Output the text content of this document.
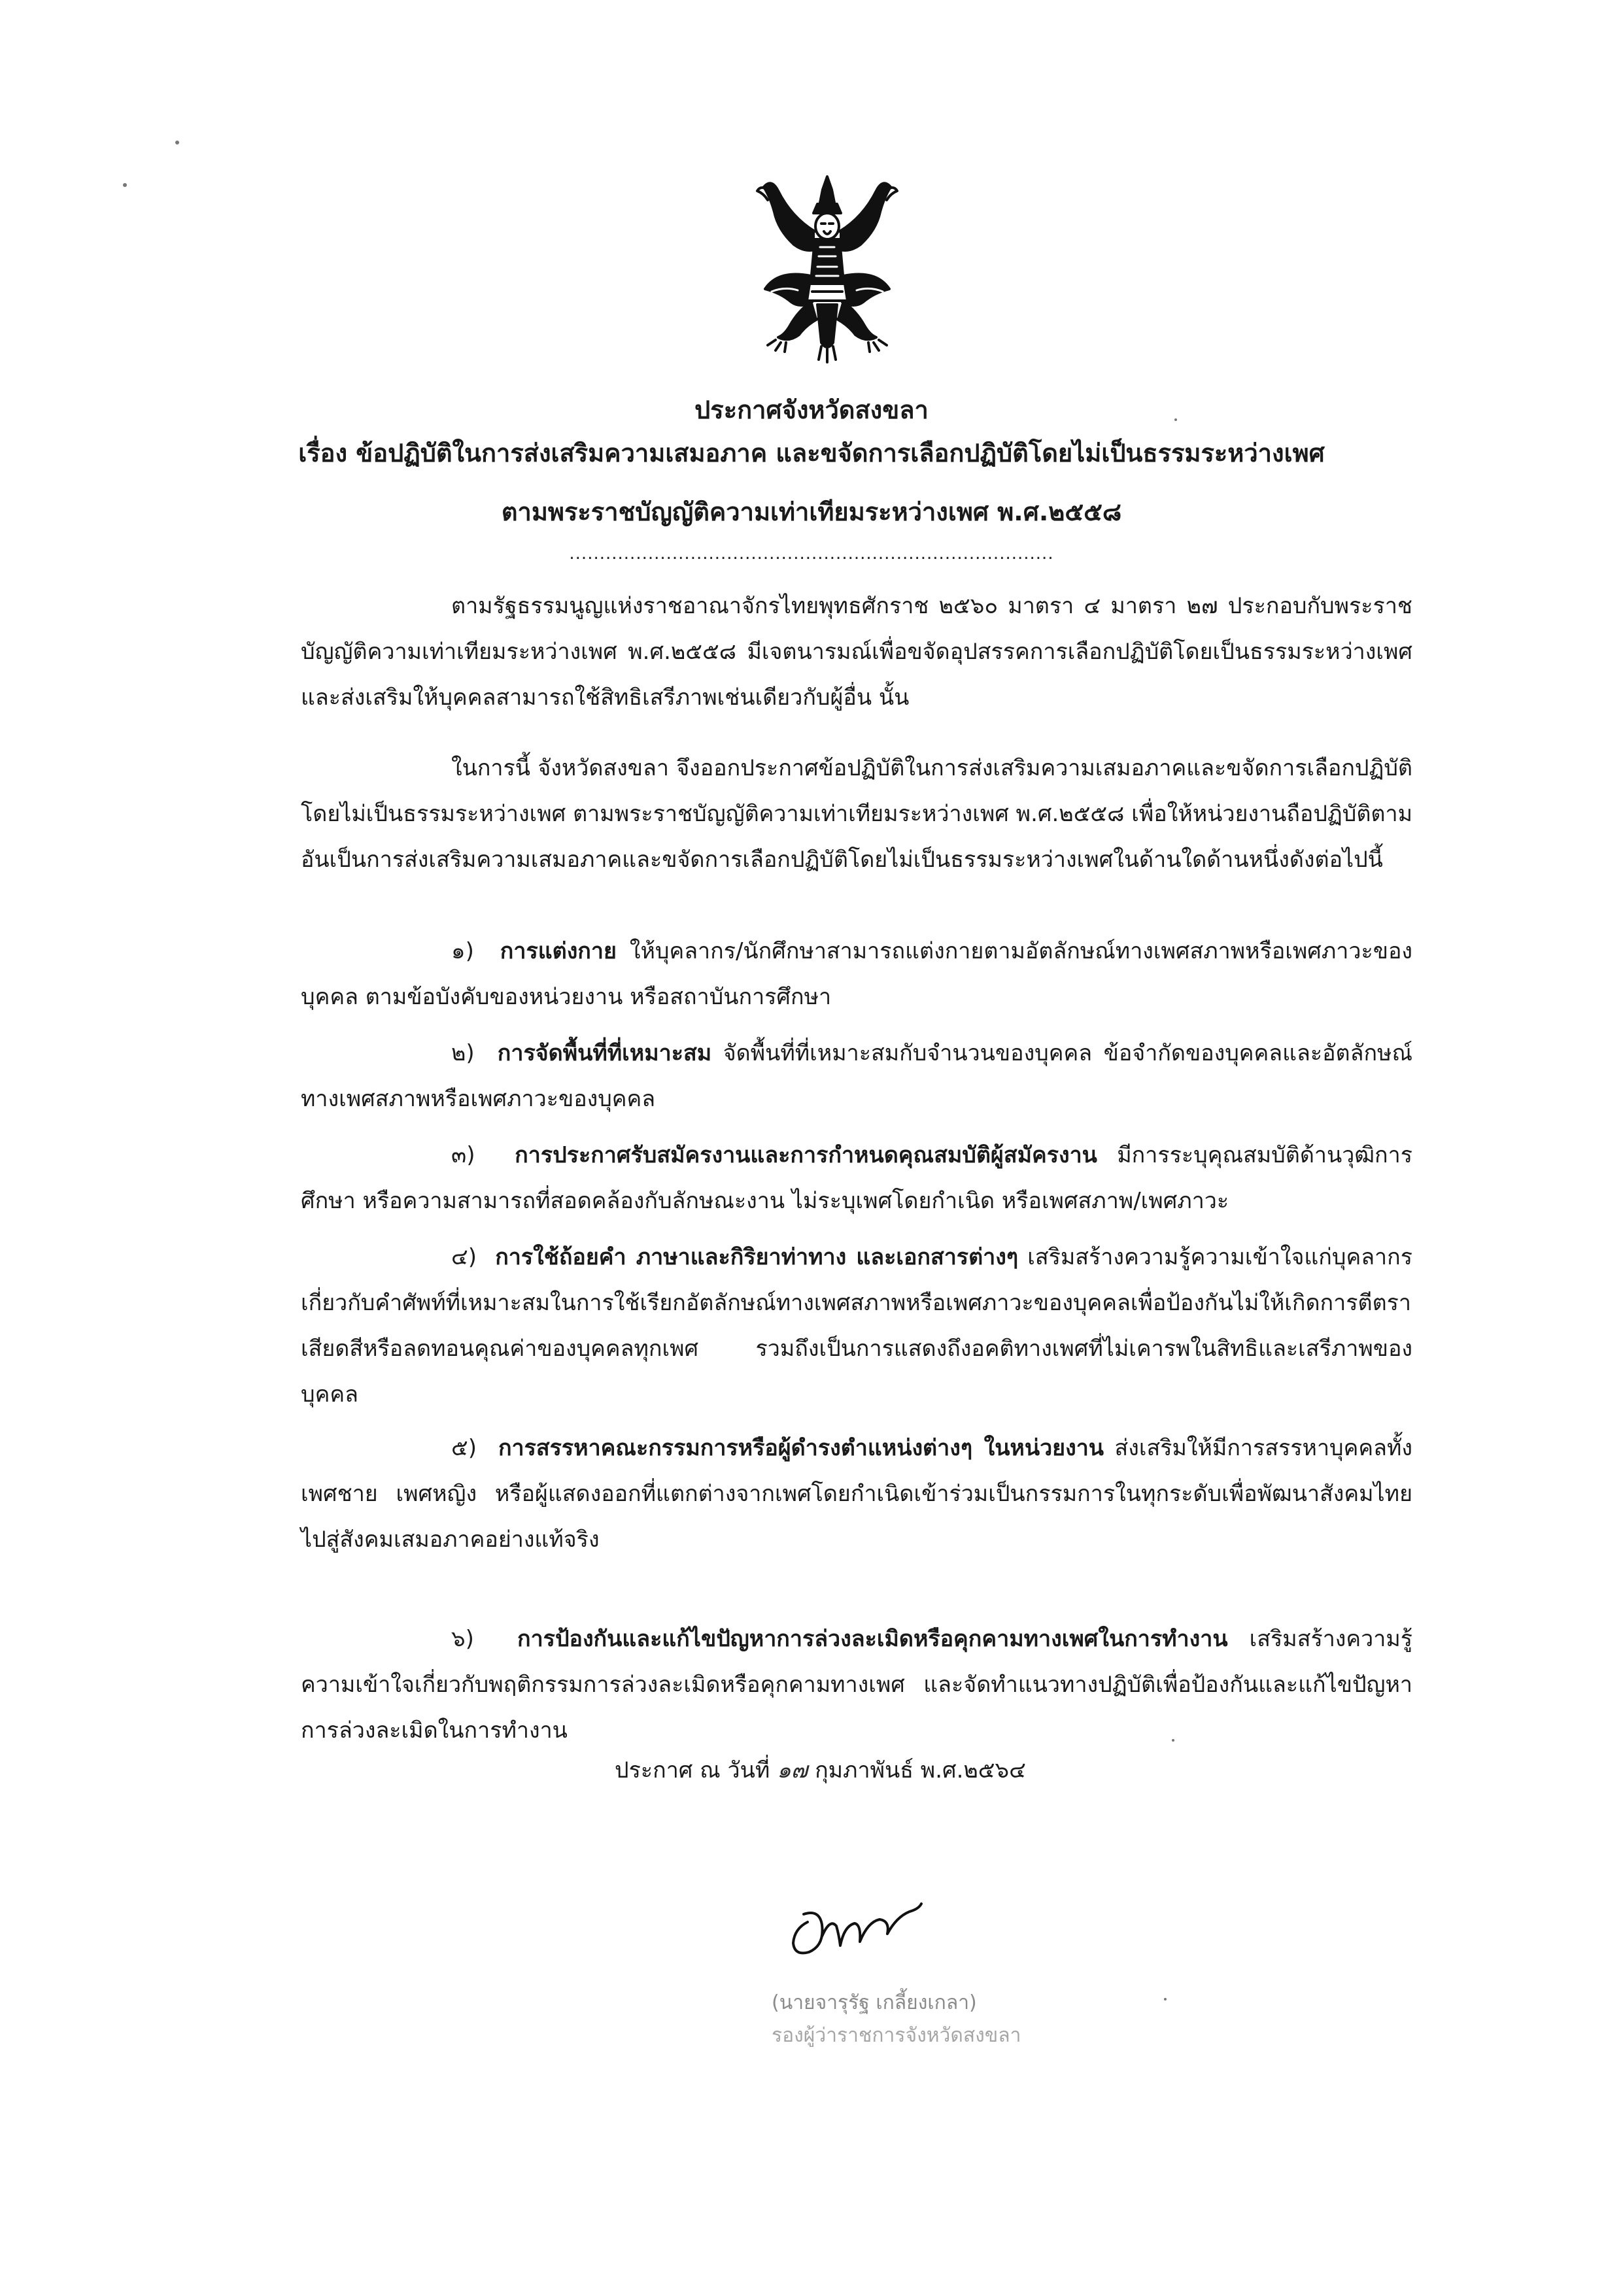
ประกาศจังหวัดสงขลา
เรื่อง ข้อปฏิบัติในการส่งเสริมความเสมอภาค และขจัดการเลือกปฏิบัติโดยไม่เป็นธรรมระหว่างเพศ
ตามพระราชบัญญัติความเท่าเทียมระหว่างเพศ พ.ศ.๒๕๕๘
................................................................................

ตามรัฐธรรมนูญแห่งราชอาณาจักรไทยพุทธศักราช ๒๕๖๐ มาตรา ๔ มาตรา ๒๗ ประกอบกับพระราชบัญญัติความเท่าเทียมระหว่างเพศ พ.ศ.๒๕๕๘ มีเจตนารมณ์เพื่อขจัดอุปสรรคการเลือกปฏิบัติโดยเป็นธรรมระหว่างเพศและส่งเสริมให้บุคคลสามารถใช้สิทธิเสรีภาพเช่นเดียวกับผู้อื่น นั้น

ในการนี้ จังหวัดสงขลา จึงออกประกาศข้อปฏิบัติในการส่งเสริมความเสมอภาคและขจัดการเลือกปฏิบัติโดยไม่เป็นธรรมระหว่างเพศ ตามพระราชบัญญัติความเท่าเทียมระหว่างเพศ พ.ศ.๒๕๕๘ เพื่อให้หน่วยงานถือปฏิบัติตาม อันเป็นการส่งเสริมความเสมอภาคและขจัดการเลือกปฏิบัติโดยไม่เป็นธรรมระหว่างเพศในด้านใดด้านหนึ่งดังต่อไปนี้

๑) การแต่งกาย ให้บุคลากร/นักศึกษาสามารถแต่งกายตามอัตลักษณ์ทางเพศสภาพหรือเพศภาวะของบุคคล ตามข้อบังคับของหน่วยงาน หรือสถาบันการศึกษา

๒) การจัดพื้นที่ที่เหมาะสม จัดพื้นที่ที่เหมาะสมกับจำนวนของบุคคล ข้อจำกัดของบุคคลและอัตลักษณ์ทางเพศสภาพหรือเพศภาวะของบุคคล

๓) การประกาศรับสมัครงานและการกำหนดคุณสมบัติผู้สมัครงาน มีการระบุคุณสมบัติด้านวุฒิการศึกษา หรือความสามารถที่สอดคล้องกับลักษณะงาน ไม่ระบุเพศโดยกำเนิด หรือเพศสภาพ/เพศภาวะ

๔) การใช้ถ้อยคำ ภาษาและกิริยาท่าทาง และเอกสารต่างๆ เสริมสร้างความรู้ความเข้าใจแก่บุคลากร เกี่ยวกับคำศัพท์ที่เหมาะสมในการใช้เรียกอัตลักษณ์ทางเพศสภาพหรือเพศภาวะของบุคคลเพื่อป้องกันไม่ให้เกิดการตีตรา เสียดสีหรือลดทอนคุณค่าของบุคคลทุกเพศ รวมถึงเป็นการแสดงถึงอคติทางเพศที่ไม่เคารพในสิทธิและเสรีภาพของบุคคล

๕) การสรรหาคณะกรรมการหรือผู้ดำรงตำแหน่งต่างๆ ในหน่วยงาน ส่งเสริมให้มีการสรรหาบุคคลทั้งเพศชาย เพศหญิง หรือผู้แสดงออกที่แตกต่างจากเพศโดยกำเนิดเข้าร่วมเป็นกรรมการในทุกระดับเพื่อพัฒนาสังคมไทยไปสู่สังคมเสมอภาคอย่างแท้จริง

๖) การป้องกันและแก้ไขปัญหาการล่วงละเมิดหรือคุกคามทางเพศในการทำงาน เสริมสร้างความรู้ ความเข้าใจเกี่ยวกับพฤติกรรมการล่วงละเมิดหรือคุกคามทางเพศ และจัดทำแนวทางปฏิบัติเพื่อป้องกันและแก้ไขปัญหาการล่วงละเมิดในการทำงาน

ประกาศ ณ วันที่ ๑๗ กุมภาพันธ์ พ.ศ.๒๕๖๔
(นายจารุรัฐ เกลี้ยงเกลา)
รองผู้ว่าราชการจังหวัดสงขลา
